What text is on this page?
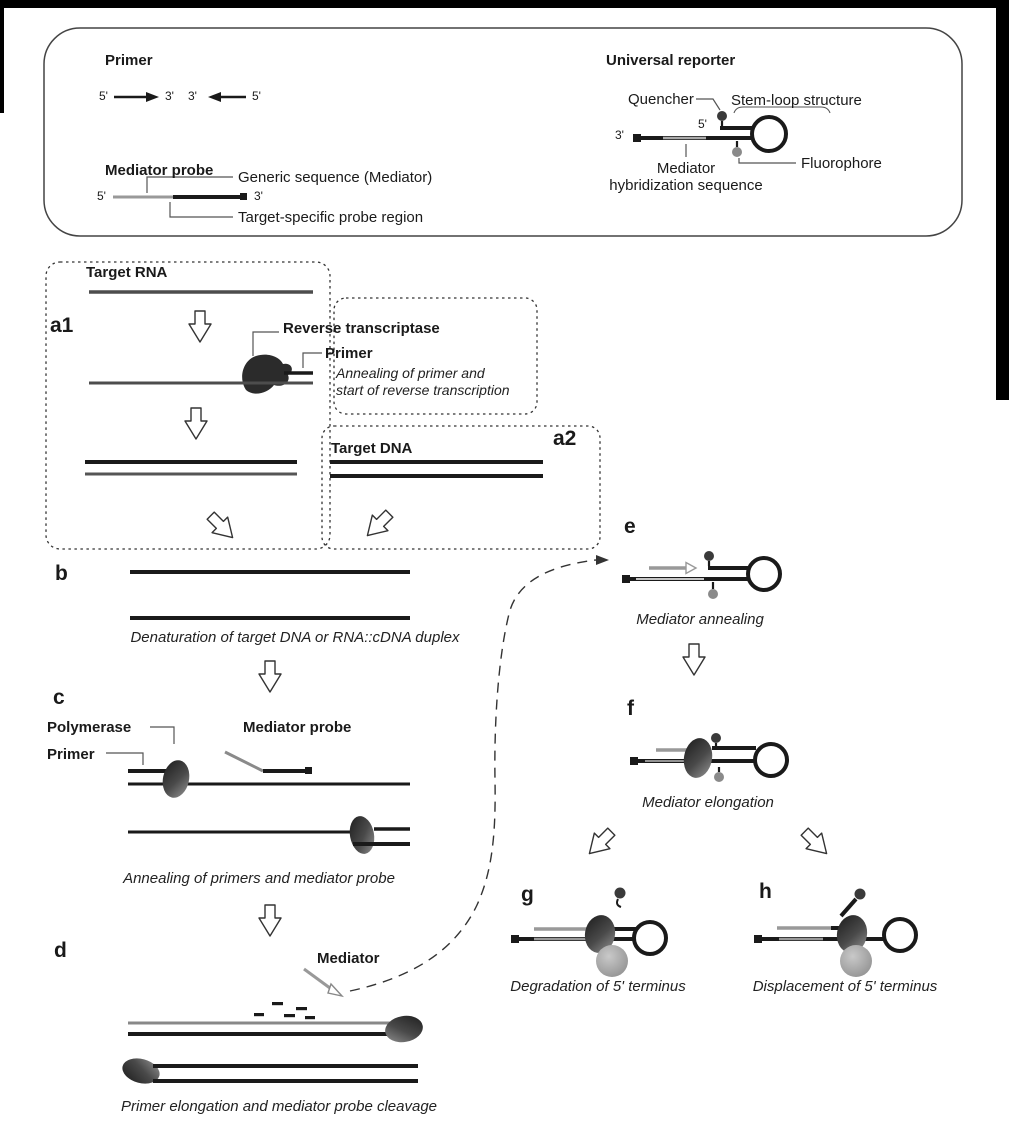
Primer
5'	3' 3'	5'
Mediator probe
5'	3'
Generic sequence (Mediator)
Target-specific probe region
Universal reporter
Quencher Stem-loop structure
5'
3'
Mediator
hybridization sequence
Fluorophore
a1
Target RNA
Reverse transcriptase
Primer
Annealing of primer and
start of reverse transcription
a2
Target DNA
b
Denaturation of target DNA or RNA::cDNA duplex
c
Polymerase
Primer
Mediator probe
Annealing of primers and mediator probe
d	Mediator
Primer elongation and mediator probe cleavage
e
Mediator annealing
f
Mediator elongation
g
Degradation of 5' terminus
h
Displacement of 5' terminus
